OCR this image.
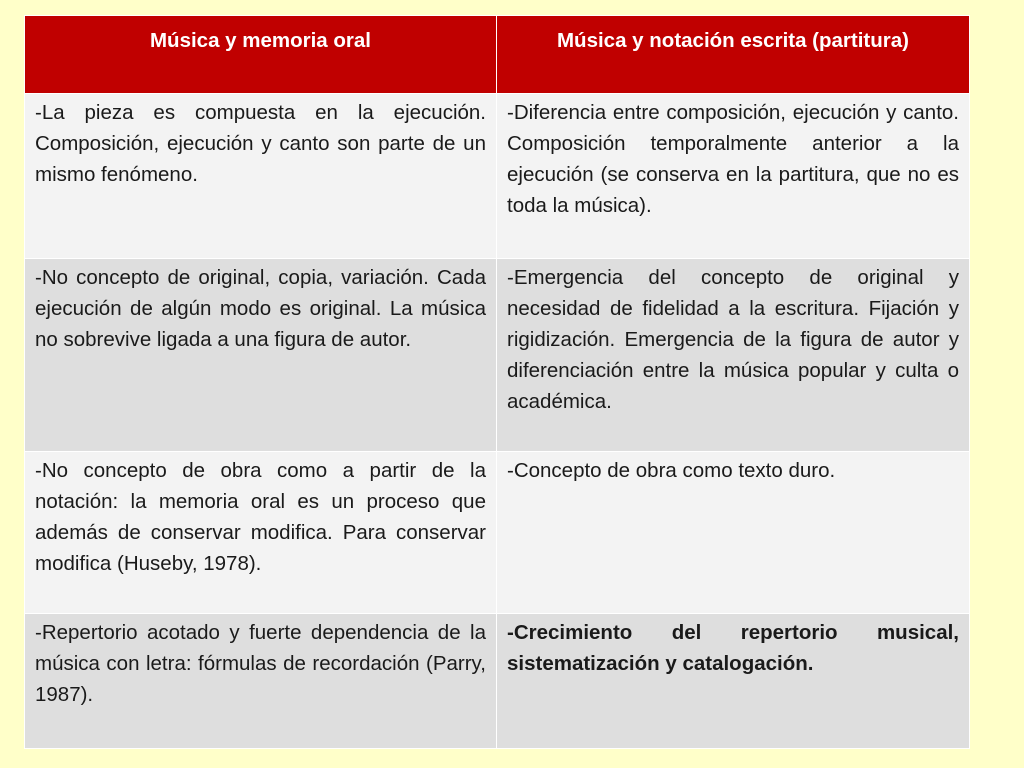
Música y memoria oral	Música y notación escrita (partitura)
-La pieza es compuesta en la ejecución. Composición, ejecución y canto son parte de un mismo fenómeno.	-Diferencia entre composición, ejecución y canto. Composición temporalmente anterior a la ejecución (se conserva en la partitura, que no es toda la música).
-No concepto de original, copia, variación. Cada ejecución de algún modo es original. La música no sobrevive ligada a una figura de autor.	-Emergencia del concepto de original y necesidad de fidelidad a la escritura. Fijación y rigidización. Emergencia de la figura de autor y diferenciación entre la música popular y culta o académica.
-No concepto de obra como a partir de la notación: la memoria oral es un proceso que además de conservar modifica. Para conservar modifica (Huseby, 1978).	-Concepto de obra como texto duro.
-Repertorio acotado y fuerte dependencia de la música con letra: fórmulas de recordación (Parry, 1987).	-Crecimiento del repertorio musical, sistematización y catalogación.
